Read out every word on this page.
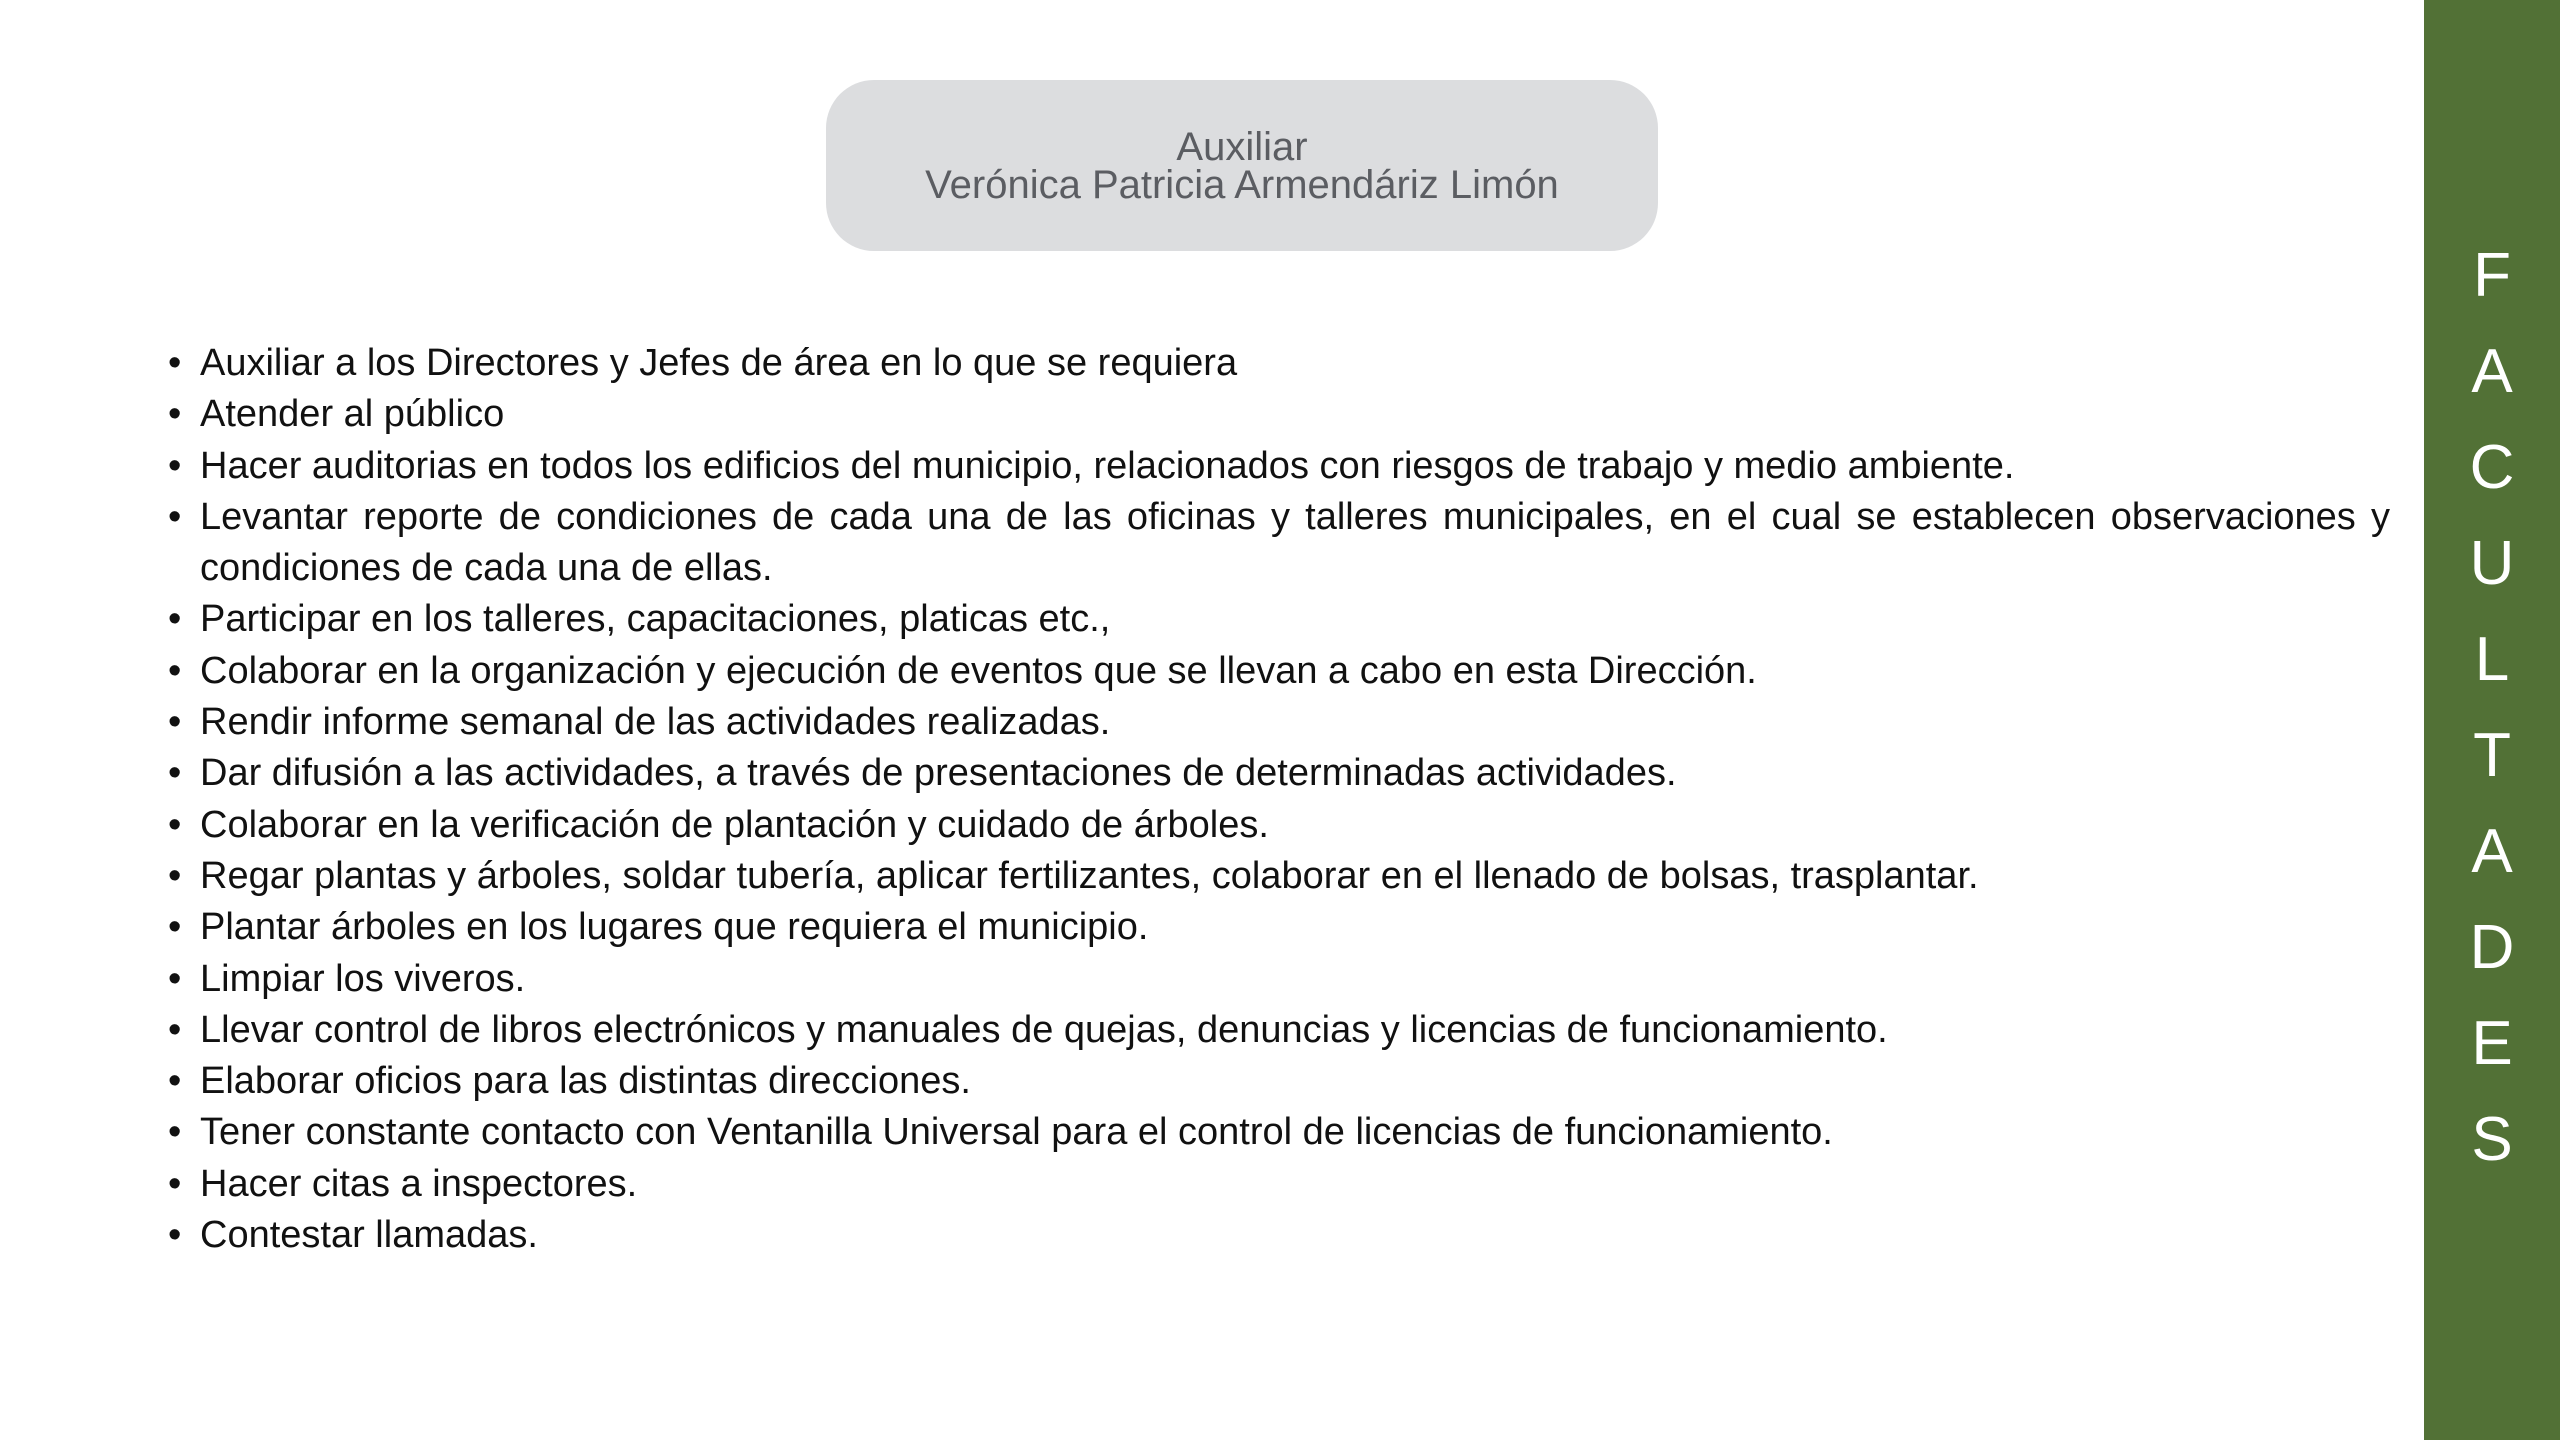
Auxiliar
Verónica Patricia Armendáriz Limón
• Auxiliar a los Directores y Jefes de área en lo que se requiera
• Atender al público
• Hacer auditorias en todos los edificios del municipio, relacionados con riesgos de trabajo y medio ambiente.
• Levantar reporte de condiciones de cada una de las oficinas y talleres municipales, en el cual se establecen observaciones y condiciones de cada una de ellas.
• Participar en los talleres, capacitaciones, platicas etc.,
• Colaborar en la organización y ejecución de eventos que se llevan a cabo en esta Dirección.
• Rendir informe semanal de las actividades realizadas.
• Dar difusión a las actividades, a través de presentaciones de determinadas actividades.
• Colaborar en la verificación de plantación y cuidado de árboles.
• Regar plantas y árboles, soldar tubería, aplicar fertilizantes, colaborar en el llenado de bolsas, trasplantar.
• Plantar árboles en los lugares que requiera el municipio.
• Limpiar los viveros.
• Llevar control de libros electrónicos y manuales de quejas, denuncias y licencias de funcionamiento.
• Elaborar oficios para las distintas direcciones.
• Tener constante contacto con Ventanilla Universal para el control de licencias de funcionamiento.
• Hacer citas a inspectores.
• Contestar llamadas.
F
A
C
U
L
T
A
D
E
S
